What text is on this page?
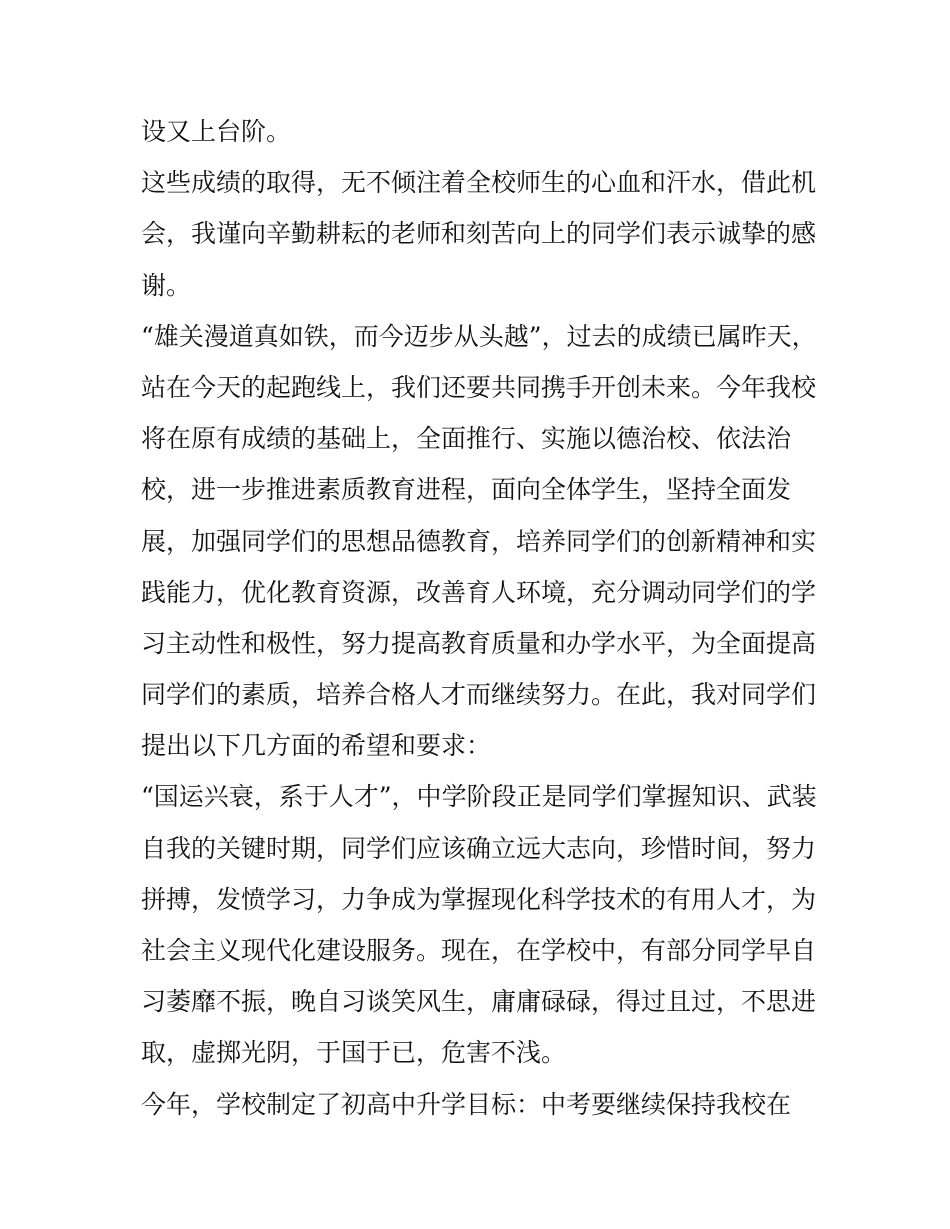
设又上台阶。
这些成绩的取得，无不倾注着全校师生的心血和汗水，借此机
会，我谨向辛勤耕耘的老师和刻苦向上的同学们表示诚挚的感
谢。
“雄关漫道真如铁，而今迈步从头越”，过去的成绩已属昨天，
站在今天的起跑线上，我们还要共同携手开创未来。今年我校
将在原有成绩的基础上，全面推行、实施以德治校、依法治
校，进一步推进素质教育进程，面向全体学生，坚持全面发
展，加强同学们的思想品德教育，培养同学们的创新精神和实
践能力，优化教育资源，改善育人环境，充分调动同学们的学
习主动性和极性，努力提高教育质量和办学水平，为全面提高
同学们的素质，培养合格人才而继续努力。在此，我对同学们
提出以下几方面的希望和要求：
“国运兴衰，系于人才”，中学阶段正是同学们掌握知识、武装
自我的关键时期，同学们应该确立远大志向，珍惜时间，努力
拼搏，发愤学习，力争成为掌握现化科学技术的有用人才，为
社会主义现代化建设服务。现在，在学校中，有部分同学早自
习萎靡不振，晚自习谈笑风生，庸庸碌碌，得过且过，不思进
取，虚掷光阴，于国于已，危害不浅。
今年，学校制定了初高中升学目标：中考要继续保持我校在
